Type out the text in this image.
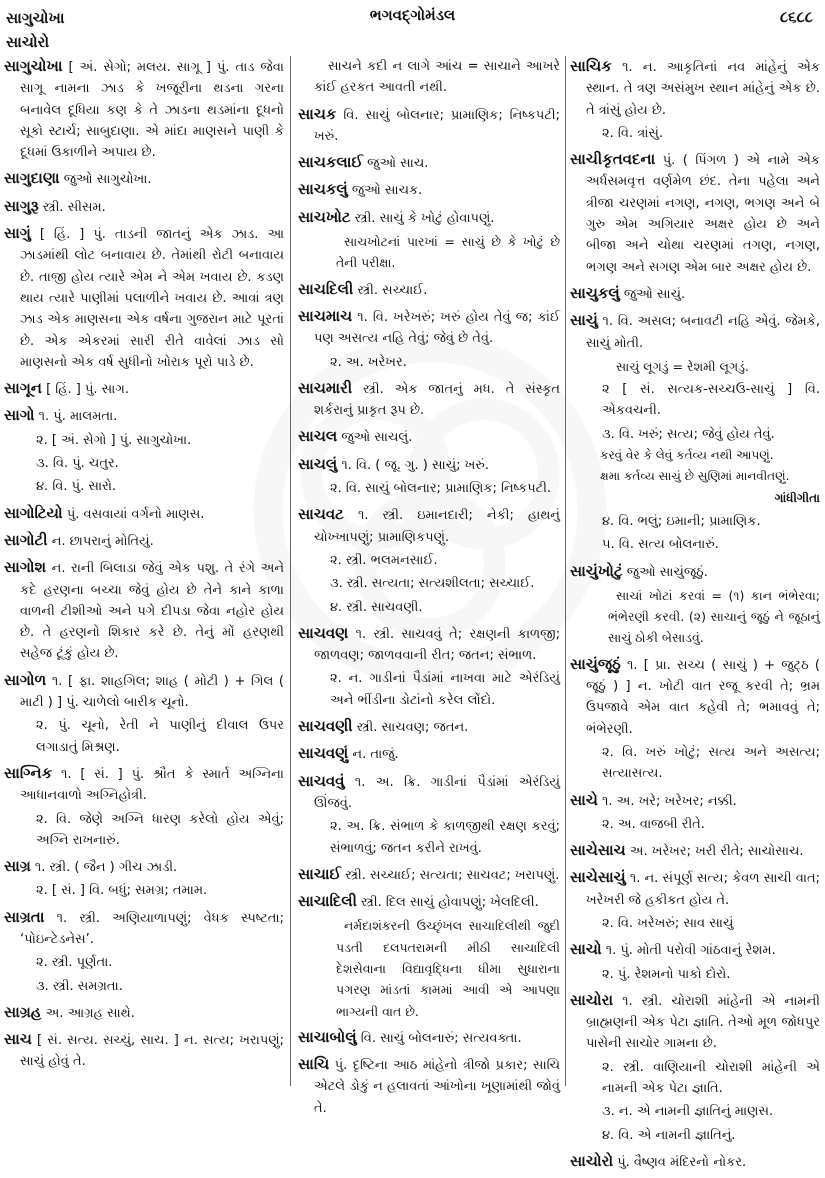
સાગુચોખા
સાચોરો
ભગવદ્ગોમંડલ	૮૬૮૮
સાગુચોખા [ અં. સેગો; મલય. સાગૂ ] પું. તાડ જેવા સાગૂ નામના ઝાડ કે ખજૂરીના થડના ગરના બનાવેલ દૂધિયા કણ કે તે ઝાડના થડમાંના દૂધનો સૂકો સ્ટાર્ચ; સાબુદાણા. એ માંદા માણસને પાણી કે દૂધમાં ઉકાળીને અપાય છે.
સાગુદાણા જુઓ સાગુચોખા.
સાગુરૂ સ્ત્રી. સીસમ.
સાગું [ હિં. ] પું. તાડની જાતનું એક ઝાડ. આ ઝાડમાંથી લોટ બનાવાય છે. તેમાંથી રોટી બનાવાય છે. તાજી હોય ત્યારે એમ ને એમ ખવાય છે. કડણ થાય ત્યારે પાણીમાં પલાળીને ખવાય છે. આવાં ત્રણ ઝાડ એક માણસના એક વર્ષના ગુજરાન માટે પૂરતાં છે. એક એકરમાં સારી રીતે વાવેલાં ઝાડ સો માણસનો એક વર્ષ સુધીનો ખોરાક પૂરો પાડે છે.
સાગૂન [ હિં. ] પું. સાગ.
સાગો ૧. પું. માલમતા.
૨. [ અં. સેગો ] પું. સાગુચોખા.
૩. વિ. પું. ચતુર.
૪. વિ. પું. સારો.
સાગોટિયો પું. વસવાયાં વર્ગનો માણસ.
સાગોટી ન. છાપરાનું મોતિયું.
સાગોશ ન. રાની બિલાડા જેવું એક પશુ. તે રંગે અને કદે હરણના બચ્ચા જેવું હોય છે તેને કાને કાળા વાળની ટીશીઓ અને પગે દીપડા જેવા નહોર હોય છે. તે હરણનો શિકાર કરે છે. તેનું મોં હરણથી સહેજ ટૂંકું હોય છે.
સાગોળ ૧. [ ફા. શાહગિલ; શાહ ( મોટી ) + ગિલ ( માટી ) ] પું. ચાળેલો બારીક ચૂનો.
૨. પું. ચૂનો, રેતી ને પાણીનું દીવાલ ઉપર લગાડાતું મિશ્રણ.
સાગ્નિક ૧. [ સં. ] પું. શ્રૌત કે સ્માર્ત અગ્નિના આધાનવાળો અગ્નિહોત્રી.
૨. વિ. જેણે અગ્નિ ધારણ કરેલો હોય એવું; અગ્નિ રાખનારું.
સાગ્ર ૧. સ્ત્રી. ( જૈન ) ગીચ ઝાડી.
૨. [ સં. ] વિ. બધું; સમગ્ર; તમામ.
સાગ્રતા ૧. સ્ત્રી. અણિયાળાપણું; વેધક સ્પષ્ટતા; ‘પોઇન્ટેડનેસ’.
૨. સ્ત્રી. પૂર્ણતા.
૩. સ્ત્રી. સમગ્રતા.
સાગ્રહ અ. આગ્રહ સાથે.
સાચ [ સં. સત્ય. સચ્ચું, સાચ. ] ન. સત્ય; ખરાપણું; સાચું હોવું તે.
સાચને કદી ન લાગે આંચ = સાચાને આખરે કાંઈ હરકત આવતી નથી.
સાચક વિ. સાચું બોલનાર; પ્રામાણિક; નિષ્કપટી; ખરું.
સાચકલાઈ જુઓ સાચ.
સાચકલું જુઓ સાચક.
સાચખોટ સ્ત્રી. સાચું કે ખોટું હોવાપણું.
સાચખોટનાં પારખાં = સાચું છે કે ખોટું છે તેની પરીક્ષા.
સાચદિલી સ્ત્રી. સચ્ચાઈ.
સાચમાચ ૧. વિ. ખરેખરું; ખરું હોય તેવું જ; કાંઈ પણ અસત્ય નહિ તેવું; જેવું છે તેવું.
૨. અ. ખરેખર.
સાચમારી સ્ત્રી. એક જાતનું મધ. તે સંસ્કૃત શર્કરાનું પ્રાકૃત રૂપ છે.
સાચલ જુઓ સાચલું.
સાચલું ૧. વિ. ( જૂ. ગુ. ) સાચું; ખરું.
૨. વિ. સાચું બોલનાર; પ્રામાણિક; નિષ્કપટી.
સાચવટ ૧. સ્ત્રી. ઇમાનદારી; નેકી; હાથનું ચોખ્ખાપણું; પ્રામાણિકપણું.
૨. સ્ત્રી. ભલમનસાઈ.
૩. સ્ત્રી. સત્યતા; સત્યશીલતા; સચ્ચાઈ.
૪. સ્ત્રી. સાચવણી.
સાચવણ ૧. સ્ત્રી. સાચવવું તે; રક્ષણની કાળજી; જાળવણ; જાળવવાની રીત; જતન; સંભાળ.
૨. ન. ગાડીનાં પૈડાંમાં નાખવા માટે એરંડિયું અને ભીંડીના ડોટાંનો કરેલ લોંદો.
સાચવણી સ્ત્રી. સાચવણ; જતન.
સાચવણું ન. તાજું.
સાચવવું ૧. અ. ક્રિ. ગાડીનાં પૈડાંમાં એરંડિયું ઊંજવું.
૨. અ. ક્રિ. સંભાળ કે કાળજીથી રક્ષણ કરવું; સંભાળવું; જતન કરીને રાખવું.
સાચાઈ સ્ત્રી. સચ્ચાઈ; સત્યતા; સાચવટ; ખરાપણું.
સાચાદિલી સ્ત્રી. દિલ સાચું હોવાપણું; ખેલદિલી.
નર્મદાશંકરની ઉચ્છૃંખલ સાચાદિલીથી જુદી પડતી દલપતરામની મીઠી સાચાદિલી દેશસેવાના વિદ્યાવૃદ્ધિના ધીમા સુધારાના પગરણ માંડતાં કામમાં આવી એ આપણા ભાગ્યની વાત છે.
સાચાબોલું વિ. સાચું બોલનારું; સત્યવક્તા.
સાચિ પું. દૃષ્ટિના આઠ માંહેનો ત્રીજો પ્રકાર; સાચિ એટલે ડોકું ન હલાવતાં આંખોના ખૂણામાંથી જોવું તે.
સાચિક ૧. ન. આકૃતિનાં નવ માંહેનું એક સ્થાન. તે ત્રણ અસંમુખ સ્થાન માંહેનું એક છે. તે ત્રાંસું હોય છે.
૨. વિ. ત્રાંસું.
સાચીકૃતવદના પું. ( પિંગળ ) એ નામે એક અર્ધસમવૃત્ત વર્ણમેળ છંદ. તેના પહેલા અને ત્રીજા ચરણમાં નગણ, નગણ, ભગણ અને બે ગુરુ એમ અગિયાર અક્ષર હોય છે અને બીજા અને ચોથા ચરણમાં તગણ, નગણ, ભગણ અને સગણ એમ બાર અક્ષર હોય છે.
સાચુકલું જુઓ સાચું.
સાચું ૧. વિ. અસલ; બનાવટી નહિ એવું. જેમકે, સાચું મોતી.
સાચું લૂગડું = રેશમી લૂગડું.
૨ [ સં. સત્યક-સચ્ચઉ-સાચું ] વિ. એકવચની.
૩. વિ. ખરું; સત્ય; જેવું હોય તેવું.
કરવું વેર કે લેવું કર્તવ્ય નથી આપણું.
ક્ષમા કર્તવ્ય સાચું છે સુણિમાં માનવીતણું.
ગાંધીગીતા
૪. વિ. ભલું; ઇમાની; પ્રામાણિક.
૫. વિ. સત્ય બોલનારું.
સાચુંખોટું જુઓ સાચુંજૂઠું.
સાચાં ખોટાં કરવાં = (૧) કાન ભંભેરવા; ભંભેરણી કરવી. (૨) સાચાનું જૂઠું ને જૂઠાનું સાચું ઠોકી બેસાડવું.
સાચુંજૂઠું ૧. [ પ્રા. સચ્ચ ( સાચું ) + જુટ્ઠ ( જૂઠું ) ] ન. ખોટી વાત રજૂ કરવી તે; ભ્રમ ઉપજાવે એમ વાત કહેવી તે; ભમાવવું તે; ભંભેરણી.
૨. વિ. ખરું ખોટું; સત્ય અને અસત્ય; સત્યાસત્ય.
સાચે ૧. અ. ખરે; ખરેખર; નક્કી.
૨. અ. વાજબી રીતે.
સાચેસાચ અ. ખરેખર; ખરી રીતે; સાચોસાચ.
સાચેસાચું ૧. ન. સંપૂર્ણ સત્ય; કેવળ સાચી વાત; ખરેખરી જે હકીકત હોય તે.
૨. વિ. ખરેખરું; સાવ સાચું
સાચો ૧. પું. મોતી પરોવી ગાંઠવાનું રેશમ.
૨. પું. રેશમનો પાકો દોરો.
સાચોરા ૧. સ્ત્રી. ચોરાશી માંહેની એ નામની બ્રાહ્મણની એક પેટા જ્ઞાતિ. તેઓ મૂળ જોધપુર પાસેની સાચોર ગામના છે.
૨. સ્ત્રી. વાણિયાની ચોરાશી માંહેની એ નામની એક પેટા જ્ઞાતિ.
૩. ન. એ નામની જ્ઞાતિનું માણસ.
૪. વિ. એ નામની જ્ઞાતિનું.
સાચોરો પું. વૈષ્ણવ મંદિરનો નોકર.
